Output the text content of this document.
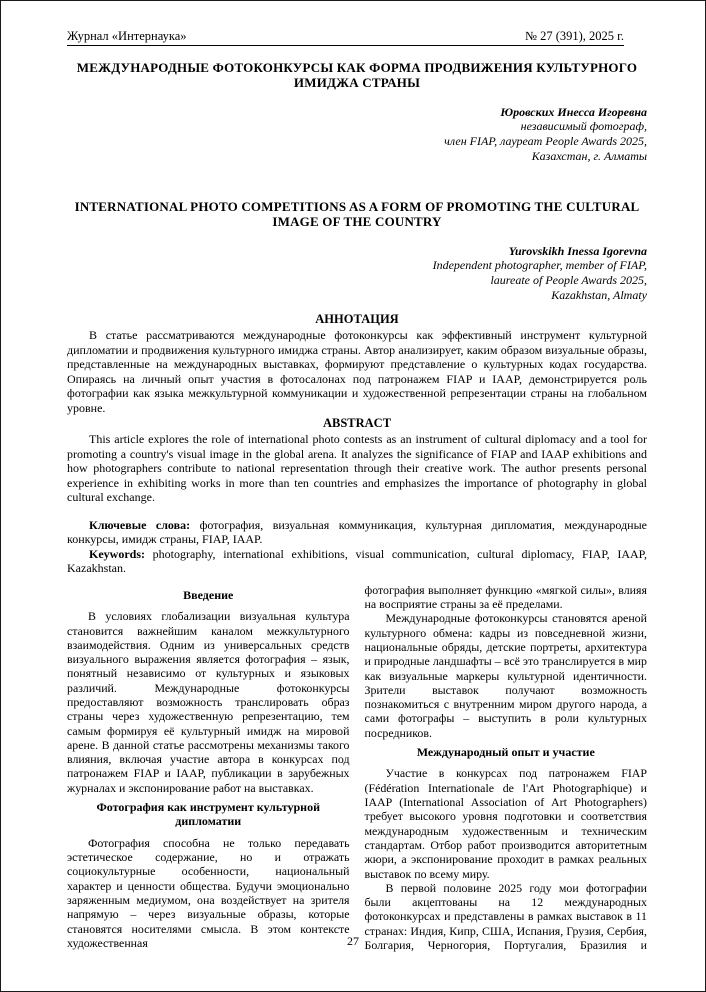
Журнал «Интернаука»	№ 27 (391), 2025 г.
МЕЖДУНАРОДНЫЕ ФОТОКОНКУРСЫ КАК ФОРМА ПРОДВИЖЕНИЯ КУЛЬТУРНОГО ИМИДЖА СТРАНЫ
Юровских Инесса Игоревна
независимый фотограф,
член FIAP, лауреат People Awards 2025,
Казахстан, г. Алматы
INTERNATIONAL PHOTO COMPETITIONS AS A FORM OF PROMOTING THE CULTURAL IMAGE OF THE COUNTRY
Yurovskikh Inessa Igorevna
Independent photographer, member of FIAP,
laureate of People Awards 2025,
Kazakhstan, Almaty
АННОТАЦИЯ

В статье рассматриваются международные фотоконкурсы как эффективный инструмент культурной дипломатии и продвижения культурного имиджа страны. Автор анализирует, каким образом визуальные образы, представленные на международных выставках, формируют представление о культурных кодах государства. Опираясь на личный опыт участия в фотосалонах под патронажем FIAP и IAAP, демонстрируется роль фотографии как языка межкультурной коммуникации и художественной репрезентации страны на глобальном уровне.

ABSTRACT

This article explores the role of international photo contests as an instrument of cultural diplomacy and a tool for promoting a country's visual image in the global arena. It analyzes the significance of FIAP and IAAP exhibitions and how photographers contribute to national representation through their creative work. The author presents personal experience in exhibiting works in more than ten countries and emphasizes the importance of photography in global cultural exchange.

Ключевые слова: фотография, визуальная коммуникация, культурная дипломатия, международные конкурсы, имидж страны, FIAP, IAAP.

Keywords: photography, international exhibitions, visual communication, cultural diplomacy, FIAP, IAAP, Kazakhstan.

Введение

В условиях глобализации визуальная культура становится важнейшим каналом межкультурного взаимодействия. Одним из универсальных средств визуального выражения является фотография – язык, понятный независимо от культурных и языковых различий. Международные фотоконкурсы предоставляют возможность транслировать образ страны через художественную репрезентацию, тем самым формируя её культурный имидж на мировой арене. В данной статье рассмотрены механизмы такого влияния, включая участие автора в конкурсах под патронажем FIAP и IAAP, публикации в зарубежных журналах и экспонирование работ на выставках.

Фотография как инструмент культурной дипломатии

Фотография способна не только передавать эстетическое содержание, но и отражать социокультурные особенности, национальный характер и ценности общества. Будучи эмоционально заряженным медиумом, она воздействует на зрителя напрямую – через визуальные образы, которые становятся носителями смысла. В этом контексте художественная

фотография выполняет функцию «мягкой силы», влияя на восприятие страны за её пределами.

Международные фотоконкурсы становятся ареной культурного обмена: кадры из повседневной жизни, национальные обряды, детские портреты, архитектура и природные ландшафты – всё это транслируется в мир как визуальные маркеры культурной идентичности. Зрители выставок получают возможность познакомиться с внутренним миром другого народа, а сами фотографы – выступить в роли культурных посредников.

Международный опыт и участие

Участие в конкурсах под патронажем FIAP (Fédération Internationale de l'Art Photographique) и IAAP (International Association of Art Photographers) требует высокого уровня подготовки и соответствия международным художественным и техническим стандартам. Отбор работ производится авторитетным жюри, а экспонирование проходит в рамках реальных выставок по всему миру.

В первой половине 2025 году мои фотографии были акцептованы на 12 международных фотоконкурсах и представлены в рамках выставок в 11 странах: Индия, Кипр, США, Испания, Грузия, Сербия, Болгария, Черногория, Португалия, Бразилия и

27
